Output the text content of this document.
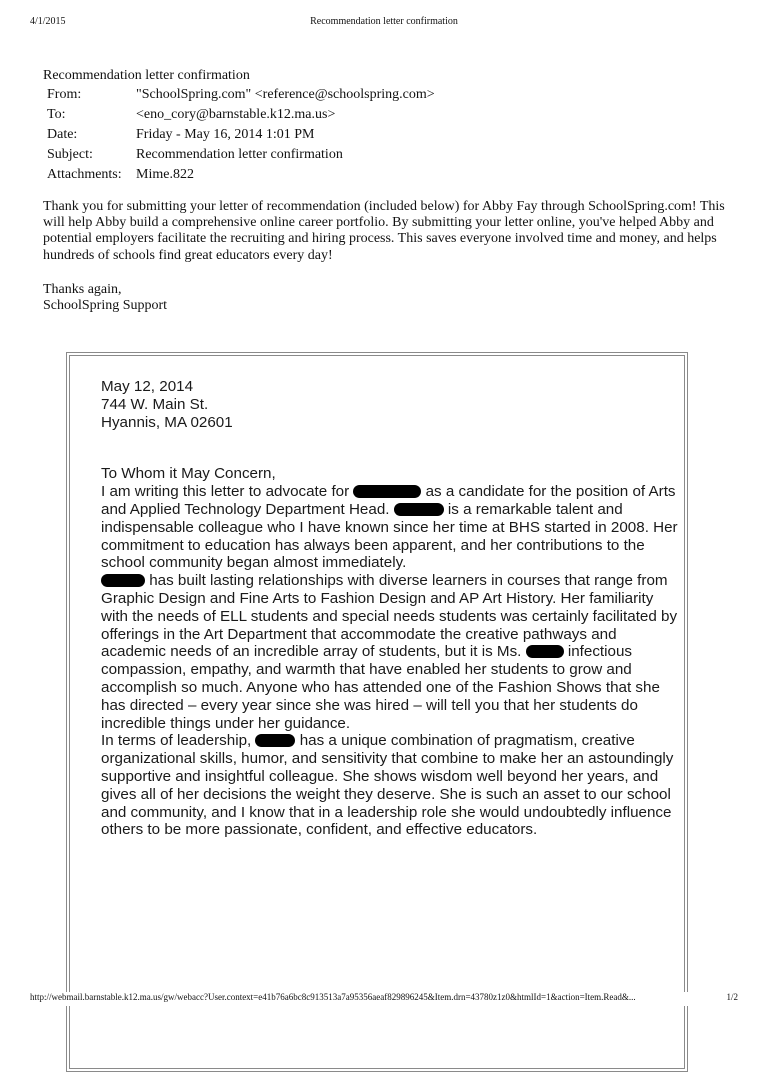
4/1/2015	Recommendation letter confirmation
Recommendation letter confirmation
From:	"SchoolSpring.com" <reference@schoolspring.com>
To:	<eno_cory@barnstable.k12.ma.us>
Date:	Friday - May 16, 2014 1:01 PM
Subject:	Recommendation letter confirmation
Attachments:	Mime.822

Thank you for submitting your letter of recommendation (included below) for Abby Fay through SchoolSpring.com! This will help Abby build a comprehensive online career portfolio. By submitting your letter online, you've helped Abby and potential employers facilitate the recruiting and hiring process. This saves everyone involved time and money, and helps hundreds of schools find great educators every day!

Thanks again,
SchoolSpring Support

May 12, 2014

744 W. Main St.
Hyannis, MA 02601

To Whom it May Concern,

I am writing this letter to advocate for	as a candidate for the position of Arts and Applied Technology Department Head.	is a remarkable talent and indispensable colleague who I have known since her time at BHS started in 2008. Her commitment to education has always been apparent, and her contributions to the school community began almost immediately.

has built lasting relationships with diverse learners in courses that range from Graphic Design and Fine Arts to Fashion Design and AP Art History. Her familiarity with the needs of ELL students and special needs students was certainly facilitated by offerings in the Art Department that accommodate the creative pathways and academic needs of an incredible array of students, but it is Ms.	infectious compassion, empathy, and warmth that have enabled her students to grow and accomplish so much. Anyone who has attended one of the Fashion Shows that she has directed – every year since she was hired – will tell you that her students do incredible things under her guidance.

In terms of leadership,	has a unique combination of pragmatism, creative organizational skills, humor, and sensitivity that combine to make her an astoundingly supportive and insightful colleague. She shows wisdom well beyond her years, and gives all of her decisions the weight they deserve. She is such an asset to our school and community, and I know that in a leadership role she would undoubtedly influence others to be more passionate, confident, and effective educators.

http://webmail.barnstable.k12.ma.us/gw/webacc?User.context=e41b76a6bc8c913513a7a95356aeaf829896245&Item.drn=43780z1z0&htmlId=1&action=Item.Read&...	1/2
